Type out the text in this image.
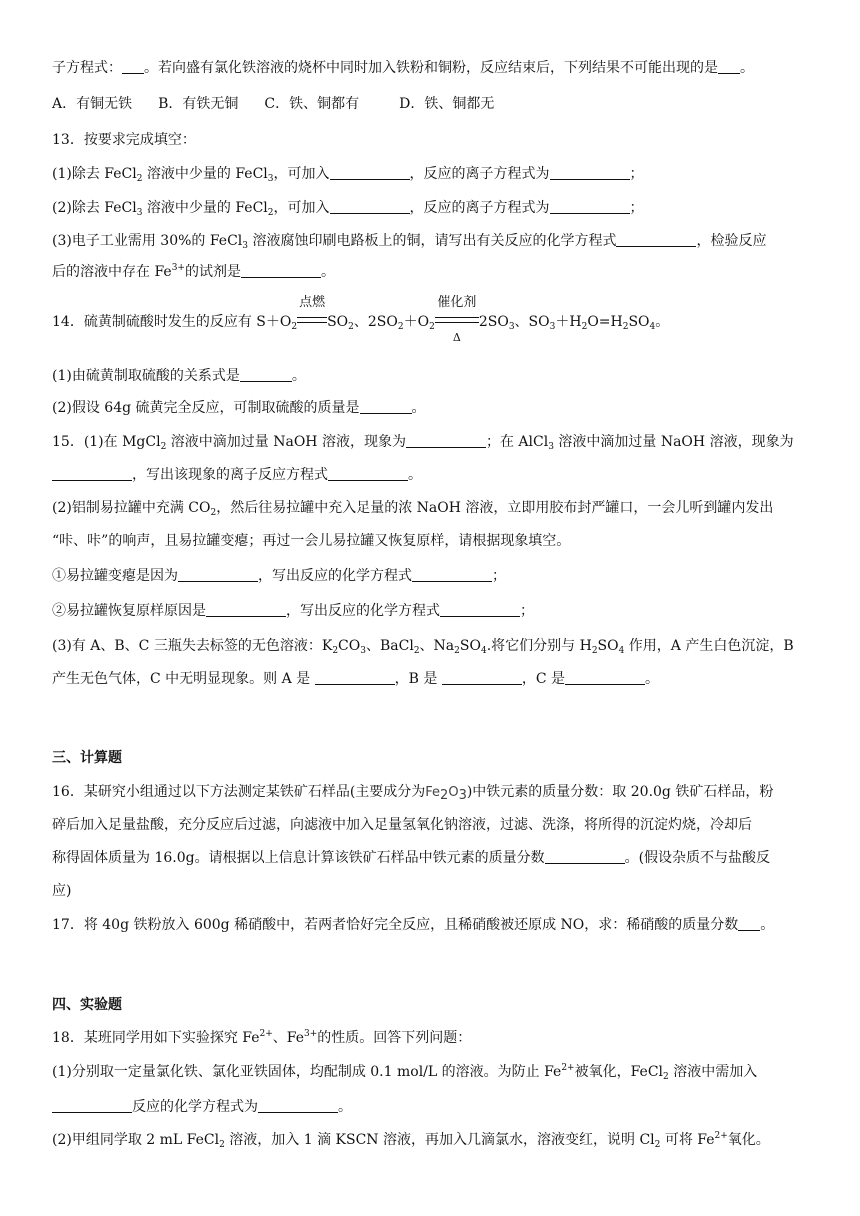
子方程式： 。若向盛有氯化铁溶液的烧杯中同时加入铁粉和铜粉，反应结束后，下列结果不可能出现的是 。
A．有铜无铁 B．有铁无铜 C．铁、铜都有	D．铁、铜都无
13．按要求完成填空：
(1)除去 FeCl$_2$ 溶液中少量的 FeCl$_3$，可加入	，反应的离子方程式为	；
(2)除去 FeCl$_3$ 溶液中少量的 FeCl$_2$，可加入	，反应的离子方程式为	；
(3)电子工业需用 30%的 FeCl$_3$ 溶液腐蚀印刷电路板上的铜，请写出有关反应的化学方程式	，检验反应
后的溶液中存在 $Fe^{3+}$的试剂是	。
14．硫黄制硫酸时发生的反应有 $S+O_2$
点燃
$SO_2$、$2SO_2+O_2$
催化剂
Δ
$2SO_3$、$SO_3+H_2O=H_2SO_4$。
(1)由硫黄制取硫酸的关系式是	。
(2)假设 64g 硫黄完全反应，可制取硫酸的质量是	。
15．(1)在 MgCl$_2$ 溶液中滴加过量 NaOH 溶液，现象为	；在 AlCl$_3$ 溶液中滴加过量 NaOH 溶液，现象为
，写出该现象的离子反应方程式	。
(2)铝制易拉罐中充满 $CO_2$，然后往易拉罐中充入足量的浓 NaOH 溶液，立即用胶布封严罐口，一会儿听到罐内发出
“咔、咔”的响声，且易拉罐变瘪；再过一会儿易拉罐又恢复原样，请根据现象填空。
①易拉罐变瘪是因为	，写出反应的化学方程式	；
②易拉罐恢复原样原因是	，写出反应的化学方程式	；
(3)有 A、B、C 三瓶失去标签的无色溶液：$K_2CO_3$、BaCl$_2$、$Na_2SO_4$.将它们分别与 $H_2SO_4$ 作用，A 产生白色沉淀，B
产生无色气体，C 中无明显现象。则 A 是	，B 是	，C 是	。
三、计算题
16．某研究小组通过以下方法测定某铁矿石样品(主要成分为$Fe_2O_3$)中铁元素的质量分数：取 20.0g 铁矿石样品，粉
碎后加入足量盐酸，充分反应后过滤，向滤液中加入足量氢氧化钠溶液，过滤、洗涤，将所得的沉淀灼烧，冷却后
称得固体质量为 16.0g。请根据以上信息计算该铁矿石样品中铁元素的质量分数	。(假设杂质不与盐酸反
应)
17．将 40g 铁粉放入 600g 稀硝酸中，若两者恰好完全反应，且稀硝酸被还原成 NO，求：稀硝酸的质量分数 。
四、实验题
18．某班同学用如下实验探究 $Fe^{2+}$、$Fe^{3+}$的性质。回答下列问题：
(1)分别取一定量氯化铁、氯化亚铁固体，均配制成 0.1 mol/L 的溶液。为防止 $Fe^{2+}$被氧化，FeCl$_2$ 溶液中需加入
反应的化学方程式为	。
(2)甲组同学取 2 mL FeCl$_2$ 溶液，加入 1 滴 KSCN 溶液，再加入几滴氯水，溶液变红，说明 $Cl_2$ 可将 $Fe^{2+}$氧化。
